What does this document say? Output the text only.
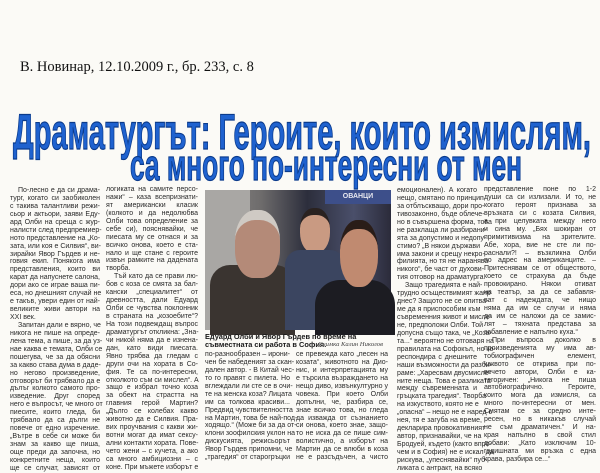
В. Новинар, 12.10.2009 г., бр. 233, с. 8
Драматургът: Героите, които измислям,
са много по-интересни от мен
По-лесно е да си драма-
тург, когато си заобиколен
с такива талантливи режи-
сьор и актьори, заяви Еду-
ард Олби на среща с жур-
налисти след предпремиер-
ното представление на „Ко-
зата, или коя е Силвия“, ви-
зирайки Явор Гърдев и не-
говия екип. Понякога има
представления, които ви
карат да напуснете салона,
дори ако се играе ваша пи-
еса, но днешният случай не
е такъв, увери един от най-
великите живи автори на
XXI век.
Запитан дали е вярно, че
никога не пише на опреде-
лена тема, а пише, за да уз-
нае каква е темата, Олби се
пошегува, че за да обясни
за какво става дума в даде-
но негово произведение,
отговорът би трябвало да е
дълъг колкото самото про-
изведение. Друг според
него е въпросът, че много от
пиесите, които гледа, би
трябвало да са дълги не
повече от едно изречение.
„Вътре в себе си може би
знам за какво ще пиша,
още преди да започна, но
конкретните неща, които
ще се случат, зависят от
логиката на самите персо-
нажи“ – каза всепризнати-
ят американски класик
(колкото и да недолюбва
Олби това определение за
себе си), пояснявайки, че
пиесата му се отнася и за
всичко онова, което е ста-
нало и ще стане с героите
извън рамките на дадената
творба.
Тъй като да се прави лю-
бов с коза се смята за бал-
кански „специалитет“ от
древността, дали Едуард
Олби се чувства поклонник
в страната на „козоебите“?
На този подвеждащ въпрос
драматургът откликна: „Зна-
чи никой няма да е изнена-
дан, като види пиесата.
Явно трябва да гледам с
други очи на хората в Со-
фия. Те са по-интересни,
отколкото съм си мислел“. А
защо е избрал точно коза
за обект на страстта на
главния герой Мартин?
„Дълго се колебах какво
животно да е Силвия. Пра-
вих проучвания с какви жи-
вотни могат да имат сексу-
ални контакти хората. Пове-
чето жени – с кучета, а ако
са много амбициозни – с
коне. При мъжете изборът е
по-разнообразен – ирони-
чен бе набеденият за скан-
дален автор. - В Китай чес-
то го правят с пилета. Но
вглеждали ли сте се в очи-
те на женска коза? Лицата
им са толкова красиви...
Предвид чувствителността
на Мартин, това бе най-под-
ходящо.“ (Може би за да от-
клони зоофилския уклон на
дискусията, режисьорът
Явор Гърдев припомни, че
„трагедия“ от старогръцки
се превежда като „песен на
козата“, животното на Дио-
нис, и интерпретацията му
е търсила възраждането на
нещо диво, извънкултурно у
човека. При което Олби
допълни, че, разбира се,
знае всичко това, но гледа
да изважда от съзнанието
си онова, което знае, защо-
то не иска да се пише сим-
волистично, а изборът на
Мартин да се влюби в коза
не е разсъдъчен, а чисто
емоционален). А когато
нещо, смятано по принцип
за отблъскващо, дори про-
тивозаконно, бъде облече-
но в съвършена форма, това
не разклаща ли разбирани-
ята за допустимо и недопу-
стимо? „В някои държави
има закони и срещу некро-
филията, но тя не наранява
никого“, бе част от духови-
тия отговор на драматурга.
Защо трагедията е най-
трудно осъществимият жанр
днес? Защото не се опитва-
ме да я приспособим към
съвременния живот и мисле-
не, предположи Олби. Той
допусна също така, че „Коза-
та...“ вероятно не отговаря на
правилата на Софокъл, но ко-
респондира с днешните
наши възможности да разби-
раме: „Харесвам двусмисле-
ните неща. Това е разликата
между съвременната и
гръцката трагедия“. Творба
на изкуството, която не е
„опасна“ – нещо не е наред с
нея, тя е загуба на време,
декларира провокативният
автор, признавайки, че на
Бродуей, където (както впро-
чем и в София) не е искал да
рискува, „упеснявайки“ пуб-
ликата с антракт, на всяко
представление поне по 1-2
души са си излизали. И то, не
когато героят признава за
връзката си с козата Силвия,
а при целувката между него
и сина му. „Бях шокиран от
примитивизма на зрителите.
Абе, хора, вие не сте ли по-
раснали?! – възкликна Олби
по адрес на американците. –
Притеснявам се от обществото,
което се страхува да бъде
провокирано. Някои отиват
на театър, за да се забавля-
ват с надеждата, че нищо
няма да им се случи и няма
да им се наложи да се замис-
лят – тяхната представа за
забавление е напълно куха.“
При въпроса доколко в
произведенията му има ав-
тобиографичен елемент,
каквото се открива при по-
вечето автори, Олби е ка-
тегоричен: „Никога не пиша
автобиографично. Героите,
които мога да измисля, са
много по-интересни от мен.
Смятам се за средно инте-
ресен, но в никакъв случай
не съм драматичен.“ И на-
края напълно в свой стил
добави: „Като изключим 10-
годишната ми връзка с една
крава, разбира се...“
ОВАНЦИ
Едуард Олби и Явор Гърдев по време на съвместната си работа в София.
Снимка Калин Николов
